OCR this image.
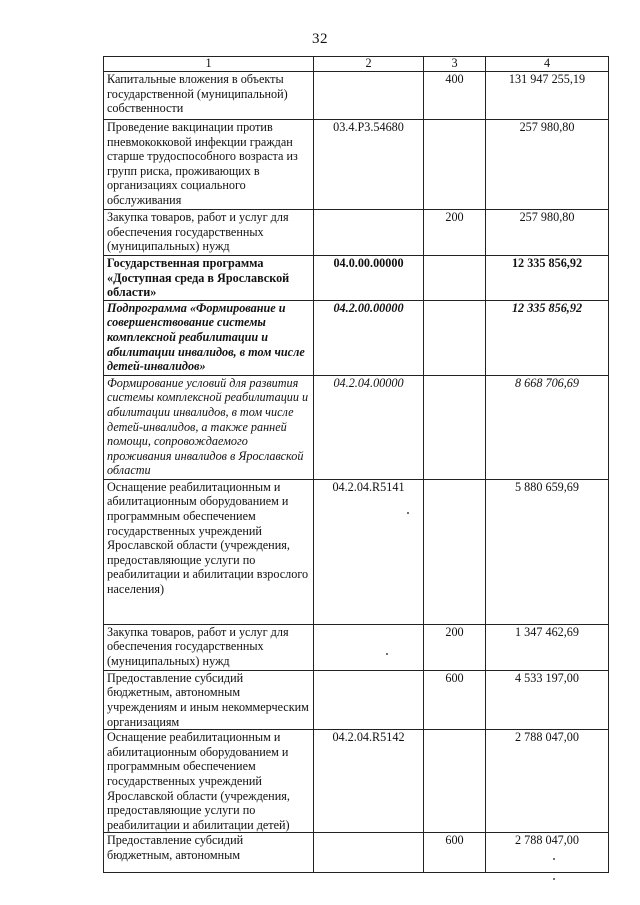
32
1	2	3	4
Капитальные вложения в объекты государственной (муниципальной) собственности		400	131 947 255,19
Проведение вакцинации против пневмококковой инфекции граждан старше трудоспособного возраста из групп риска, проживающих в организациях социального обслуживания	03.4.P3.54680		257 980,80
Закупка товаров, работ и услуг для обеспечения государственных (муниципальных) нужд		200	257 980,80
Государственная программа «Доступная среда в Ярославской области»	04.0.00.00000		12 335 856,92
Подпрограмма «Формирование и совершенствование системы комплексной реабилитации и абилитации инвалидов, в том числе детей-инвалидов»	04.2.00.00000		12 335 856,92
Формирование условий для развития системы комплексной реабилитации и абилитации инвалидов, в том числе детей-инвалидов, а также ранней помощи, сопровождаемого проживания инвалидов в Ярославской области	04.2.04.00000		8 668 706,69
Оснащение реабилитационным и абилитационным оборудованием и программным обеспечением государственных учреждений Ярославской области (учреждения, предоставляющие услуги по реабилитации и абилитации взрослого населения)	04.2.04.R5141		5 880 659,69
Закупка товаров, работ и услуг для обеспечения государственных (муниципальных) нужд		200	1 347 462,69
Предоставление субсидий бюджетным, автономным учреждениям и иным некоммерческим организациям		600	4 533 197,00
Оснащение реабилитационным и абилитационным оборудованием и программным обеспечением государственных учреждений Ярославской области (учреждения, предоставляющие услуги по реабилитации и абилитации детей)	04.2.04.R5142		2 788 047,00
Предоставление субсидий бюджетным, автономным		600	2 788 047,00
